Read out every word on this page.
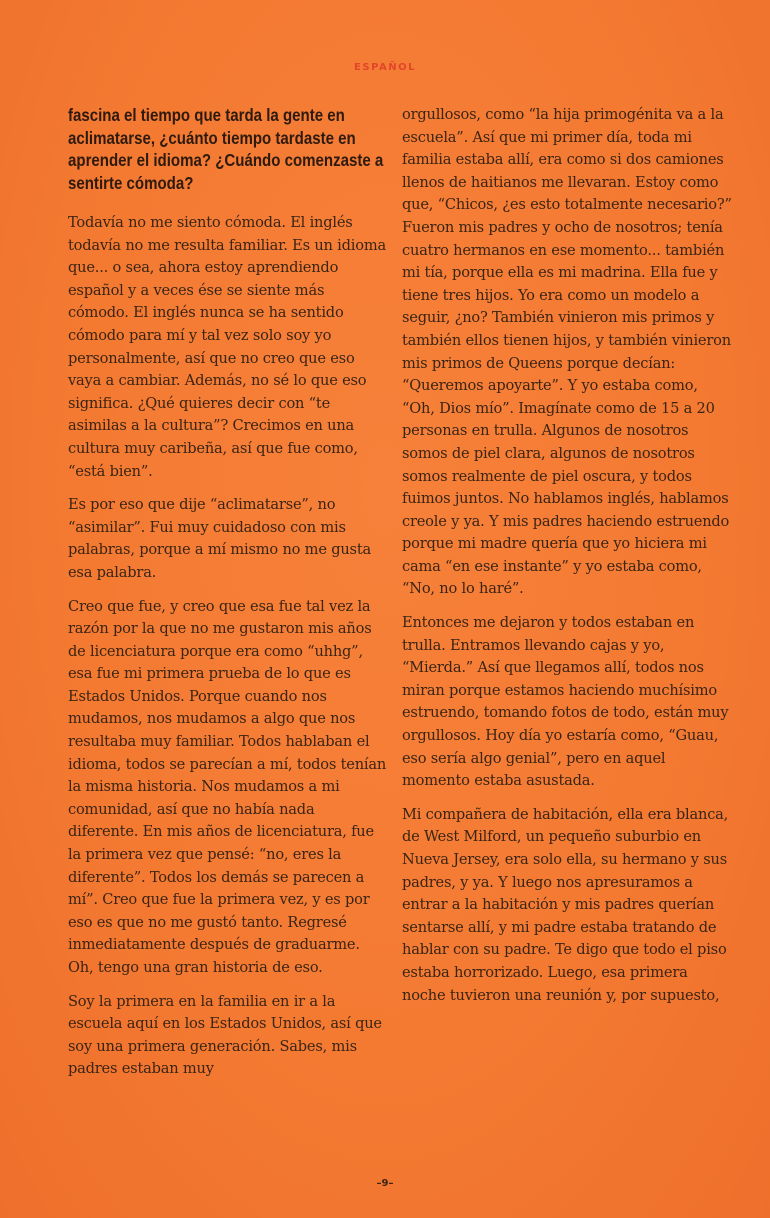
ESPAÑOL
fascina el tiempo que tarda la gente en aclimatarse, ¿cuánto tiempo tardaste en aprender el idioma? ¿Cuándo comenzaste a sentirte cómoda?

Todavía no me siento cómoda. El inglés todavía no me resulta familiar. Es un idioma que... o sea, ahora estoy aprendiendo español y a veces ése se siente más cómodo. El inglés nunca se ha sentido cómodo para mí y tal vez solo soy yo personalmente, así que no creo que eso vaya a cambiar. Además, no sé lo que eso significa. ¿Qué quieres decir con “te asimilas a la cultura”? Crecimos en una cultura muy caribeña, así que fue como, “está bien”.

Es por eso que dije “aclimatarse”, no “asimilar”. Fui muy cuidadoso con mis palabras, porque a mí mismo no me gusta esa palabra.

Creo que fue, y creo que esa fue tal vez la razón por la que no me gustaron mis años de licenciatura porque era como “uhhg”, esa fue mi primera prueba de lo que es Estados Unidos. Porque cuando nos mudamos, nos mudamos a algo que nos resultaba muy familiar. Todos hablaban el idioma, todos se parecían a mí, todos tenían la misma historia. Nos mudamos a mi comunidad, así que no había nada diferente. En mis años de licenciatura, fue la primera vez que pensé: “no, eres la diferente”. Todos los demás se parecen a mí”. Creo que fue la primera vez, y es por eso es que no me gustó tanto. Regresé inmediatamente después de graduarme. Oh, tengo una gran historia de eso.

Soy la primera en la familia en ir a la escuela aquí en los Estados Unidos, así que soy una primera generación. Sabes, mis padres estaban muy

orgullosos, como “la hija primogénita va a la escuela”. Así que mi primer día, toda mi familia estaba allí, era como si dos camiones llenos de haitianos me llevaran. Estoy como que, “Chicos, ¿es esto totalmente necesario?” Fueron mis padres y ocho de nosotros; tenía cuatro hermanos en ese momento... también mi tía, porque ella es mi madrina. Ella fue y tiene tres hijos. Yo era como un modelo a seguir, ¿no? También vinieron mis primos y también ellos tienen hijos, y también vinieron mis primos de Queens porque decían: “Queremos apoyarte”. Y yo estaba como, “Oh, Dios mío”. Imagínate como de 15 a 20 personas en trulla. Algunos de nosotros somos de piel clara, algunos de nosotros somos realmente de piel oscura, y todos fuimos juntos. No hablamos inglés, hablamos creole y ya. Y mis padres haciendo estruendo porque mi madre quería que yo hiciera mi cama “en ese instante” y yo estaba como, “No, no lo haré”.

Entonces me dejaron y todos estaban en trulla. Entramos llevando cajas y yo, “Mierda.” Así que llegamos allí, todos nos miran porque estamos haciendo muchísimo estruendo, tomando fotos de todo, están muy orgullosos. Hoy día yo estaría como, “Guau, eso sería algo genial”, pero en aquel momento estaba asustada.

Mi compañera de habitación, ella era blanca, de West Milford, un pequeño suburbio en Nueva Jersey, era solo ella, su hermano y sus padres, y ya. Y luego nos apresuramos a entrar a la habitación y mis padres querían sentarse allí, y mi padre estaba tratando de hablar con su padre. Te digo que todo el piso estaba horrorizado. Luego, esa primera noche tuvieron una reunión y, por supuesto,

–9–
